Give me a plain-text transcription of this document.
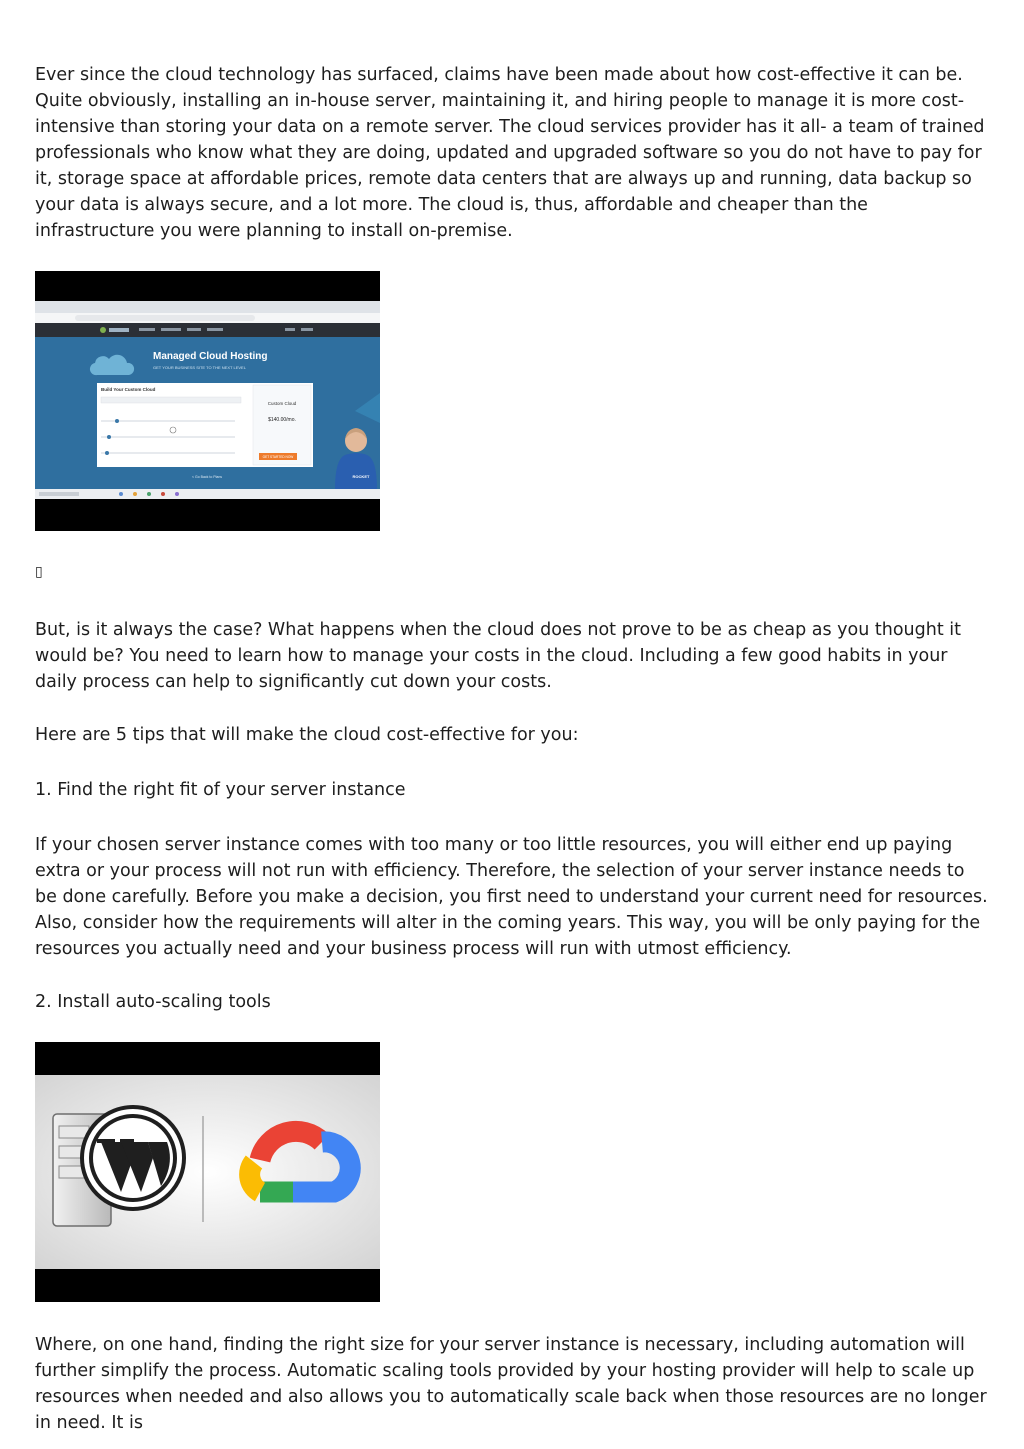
Ever since the cloud technology has surfaced, claims have been made about how cost-effective it can be. Quite obviously, installing an in-house server, maintaining it, and hiring people to manage it is more cost-intensive than storing your data on a remote server. The cloud services provider has it all- a team of trained professionals who know what they are doing, updated and upgraded software so you do not have to pay for it, storage space at affordable prices, remote data centers that are always up and running, data backup so your data is always secure, and a lot more. The cloud is, thus, affordable and cheaper than the infrastructure you were planning to install on-premise.

Managed Cloud Hosting
GET YOUR BUSINESS SITE TO THE NEXT LEVEL
Build Your Custom Cloud
Custom Cloud
$140.00/mo.
GET STARTED NOW
< Go Back to Plans	ROCKET
▯

But, is it always the case? What happens when the cloud does not prove to be as cheap as you thought it would be? You need to learn how to manage your costs in the cloud. Including a few good habits in your daily process can help to significantly cut down your costs.

Here are 5 tips that will make the cloud cost-effective for you:

1. Find the right fit of your server instance

If your chosen server instance comes with too many or too little resources, you will either end up paying extra or your process will not run with efficiency. Therefore, the selection of your server instance needs to be done carefully. Before you make a decision, you first need to understand your current need for resources. Also, consider how the requirements will alter in the coming years. This way, you will be only paying for the resources you actually need and your business process will run with utmost efficiency.

2. Install auto-scaling tools

Where, on one hand, finding the right size for your server instance is necessary, including automation will further simplify the process. Automatic scaling tools provided by your hosting provider will help to scale up resources when needed and also allows you to automatically scale back when those resources are no longer in need. It is
